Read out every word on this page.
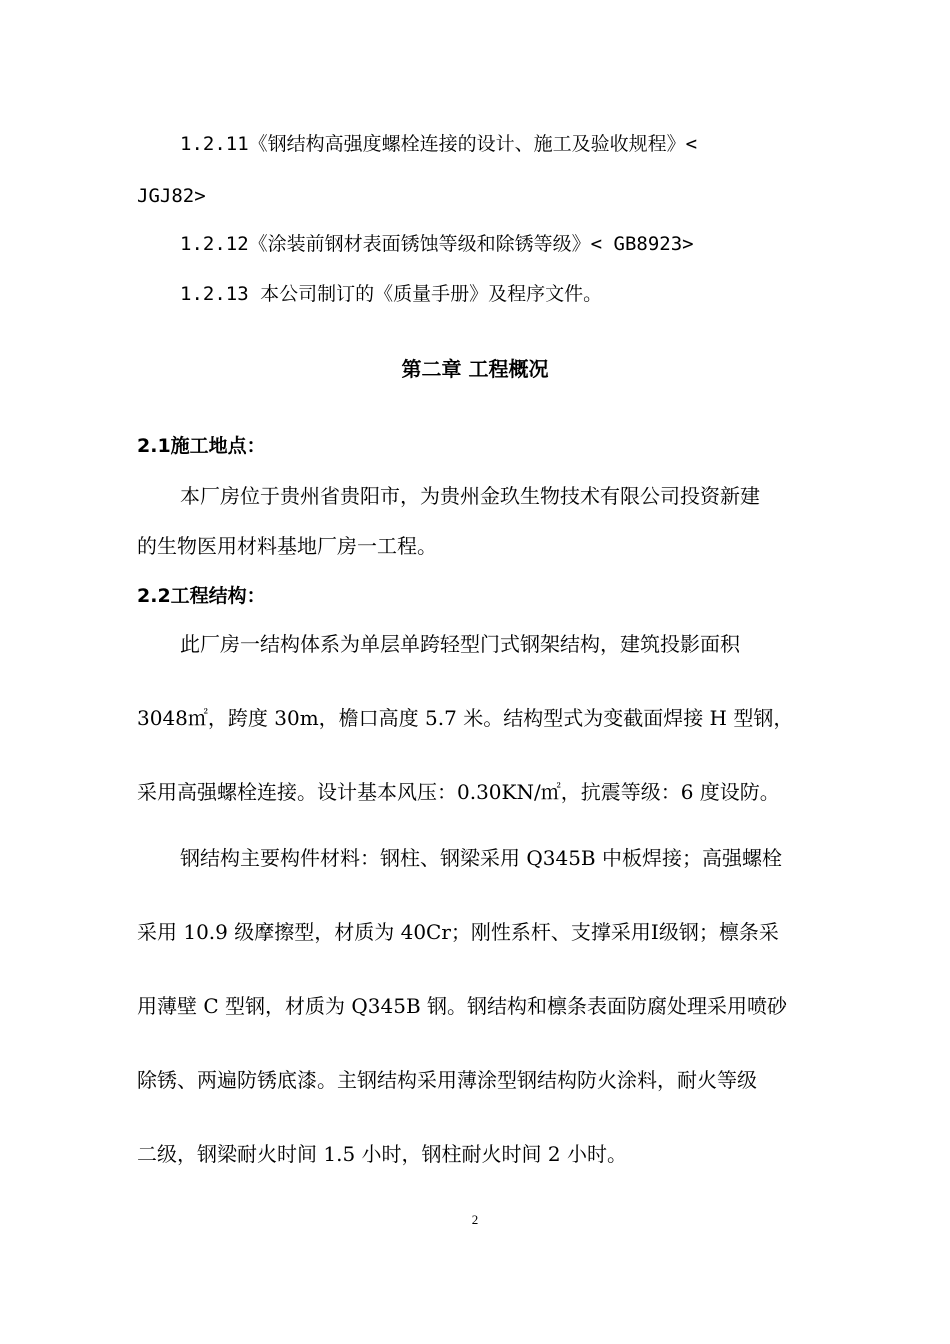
1.2.11《钢结构高强度螺栓连接的设计、施工及验收规程》<
JGJ82>
1.2.12《涂装前钢材表面锈蚀等级和除锈等级》< GB8923>
1.2.13 本公司制订的《质量手册》及程序文件。
第二章 工程概况
2.1施工地点：
本厂房位于贵州省贵阳市，为贵州金玖生物技术有限公司投资新建
的生物医用材料基地厂房一工程。
2.2工程结构：
此厂房一结构体系为单层单跨轻型门式钢架结构，建筑投影面积
3048㎡，跨度 30m，檐口高度 5.7 米。结构型式为变截面焊接 H 型钢，
采用高强螺栓连接。设计基本风压：0.30KN/㎡，抗震等级：6 度设防。
钢结构主要构件材料：钢柱、钢梁采用 Q345B 中板焊接；高强螺栓
采用 10.9 级摩擦型，材质为 40Cr；刚性系杆、支撑采用Ⅰ级钢；檩条采
用薄壁 C 型钢，材质为 Q345B 钢。钢结构和檩条表面防腐处理采用喷砂
除锈、两遍防锈底漆。主钢结构采用薄涂型钢结构防火涂料，耐火等级
二级，钢梁耐火时间 1.5 小时，钢柱耐火时间 2 小时。
2
